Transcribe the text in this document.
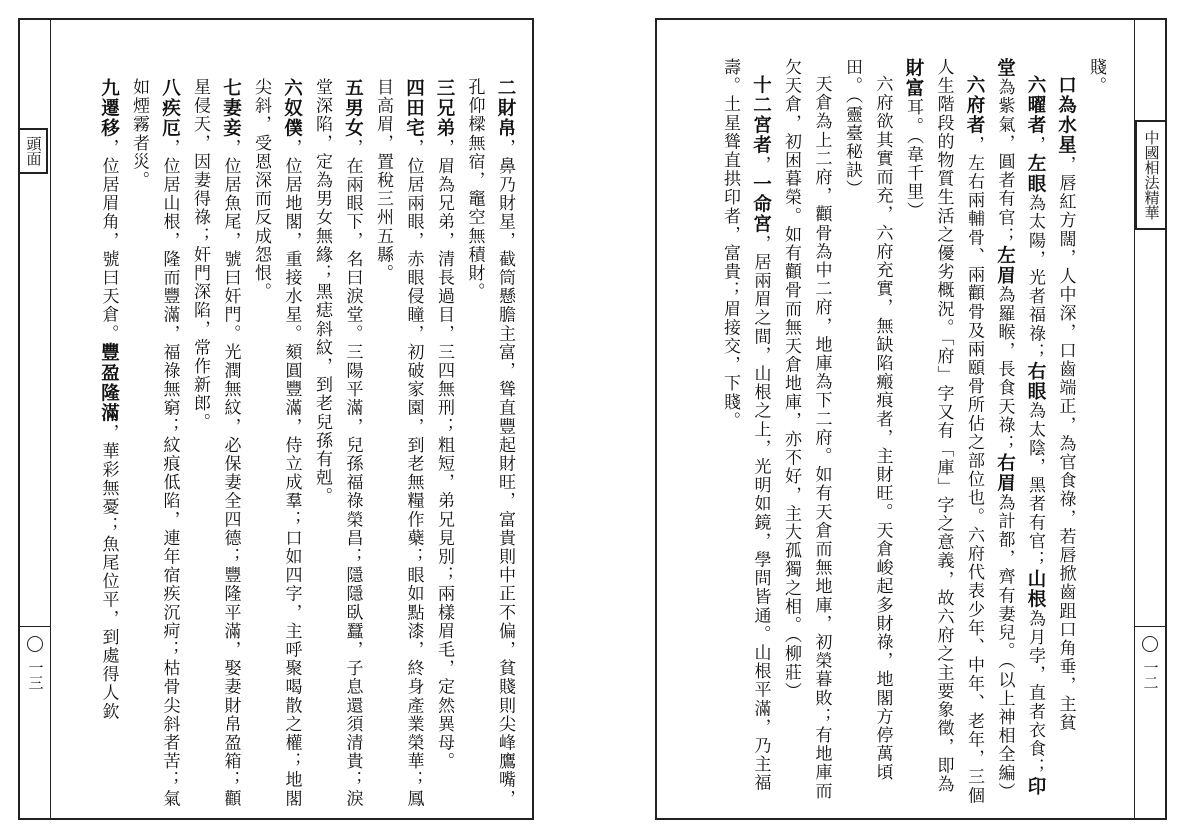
頭面
一三

二財帛，鼻乃財星，截筒懸膽主富，聳直豐起財旺，富貴則中正不偏，貧賤則尖峰鷹嘴，孔仰樑無宿，竈空無積財。

三兄弟，眉為兄弟，清長過目，三四無刑；粗短，弟兄見別；兩樣眉毛，定然異母。

四田宅，位居兩眼，赤眼侵瞳，初破家園，到老無糧作蘗；眼如點漆，終身產業榮華；鳳目高眉，置稅三州五縣。

五男女，在兩眼下，名曰淚堂。三陽平滿，兒孫福祿榮昌；隱隱臥蠶，子息還須清貴；淚堂深陷，定為男女無緣；黑痣斜紋，到老兒孫有剋。

六奴僕，位居地閣，重接水星。頦圓豐滿，侍立成羣；口如四字，主呼聚喝散之權；地閣尖斜，受恩深而反成怨恨。

七妻妾，位居魚尾，號曰奸門。光潤無紋，必保妻全四德；豐隆平滿，娶妻財帛盈箱；顴星侵天，因妻得祿；奸門深陷，常作新郎。

八疾厄，位居山根，隆而豐滿，福祿無窮；紋痕低陷，連年宿疾沉疴；枯骨尖斜者苦；氣如煙霧者災。

九遷移，位居眉角，號曰天倉。豐盈隆滿，華彩無憂；魚尾位平，到處得人欽

中國相法精華
一二

賤。

口為水星，唇紅方闊，人中深，口齒端正，為官食祿，若唇掀齒跙口角垂，主貧

六曜者，左眼為太陽，光者福祿；右眼為太陰，黑者有官；山根為月孛，直者衣食；印堂為紫氣，圓者有官；左眉為羅睺，長食天祿；右眉為計都，齊有妻兒。（以上神相全編）

六府者，左右兩輔骨、兩顴骨及兩頤骨所佔之部位也。六府代表少年、中年、老年，三個人生階段的物質生活之優劣概況。「府」字又有「庫」字之意義，故六府之主要象徵，即為財富耳。（韋千里）

六府欲其實而充，六府充實，無缺陷瘢痕者，主財旺。天倉峻起多財祿，地閣方停萬頃田。（靈臺秘訣）

天倉為上二府，顴骨為中二府，地庫為下二府。如有天倉而無地庫，初榮暮敗；有地庫而欠天倉，初困暮榮。如有顴骨而無天倉地庫，亦不好，主大孤獨之相。（柳莊）

十二宮者，一命宮，居兩眉之間，山根之上，光明如鏡，學問皆通。山根平滿，乃主福壽。土星聳直拱印者，富貴；眉接交，下賤。
